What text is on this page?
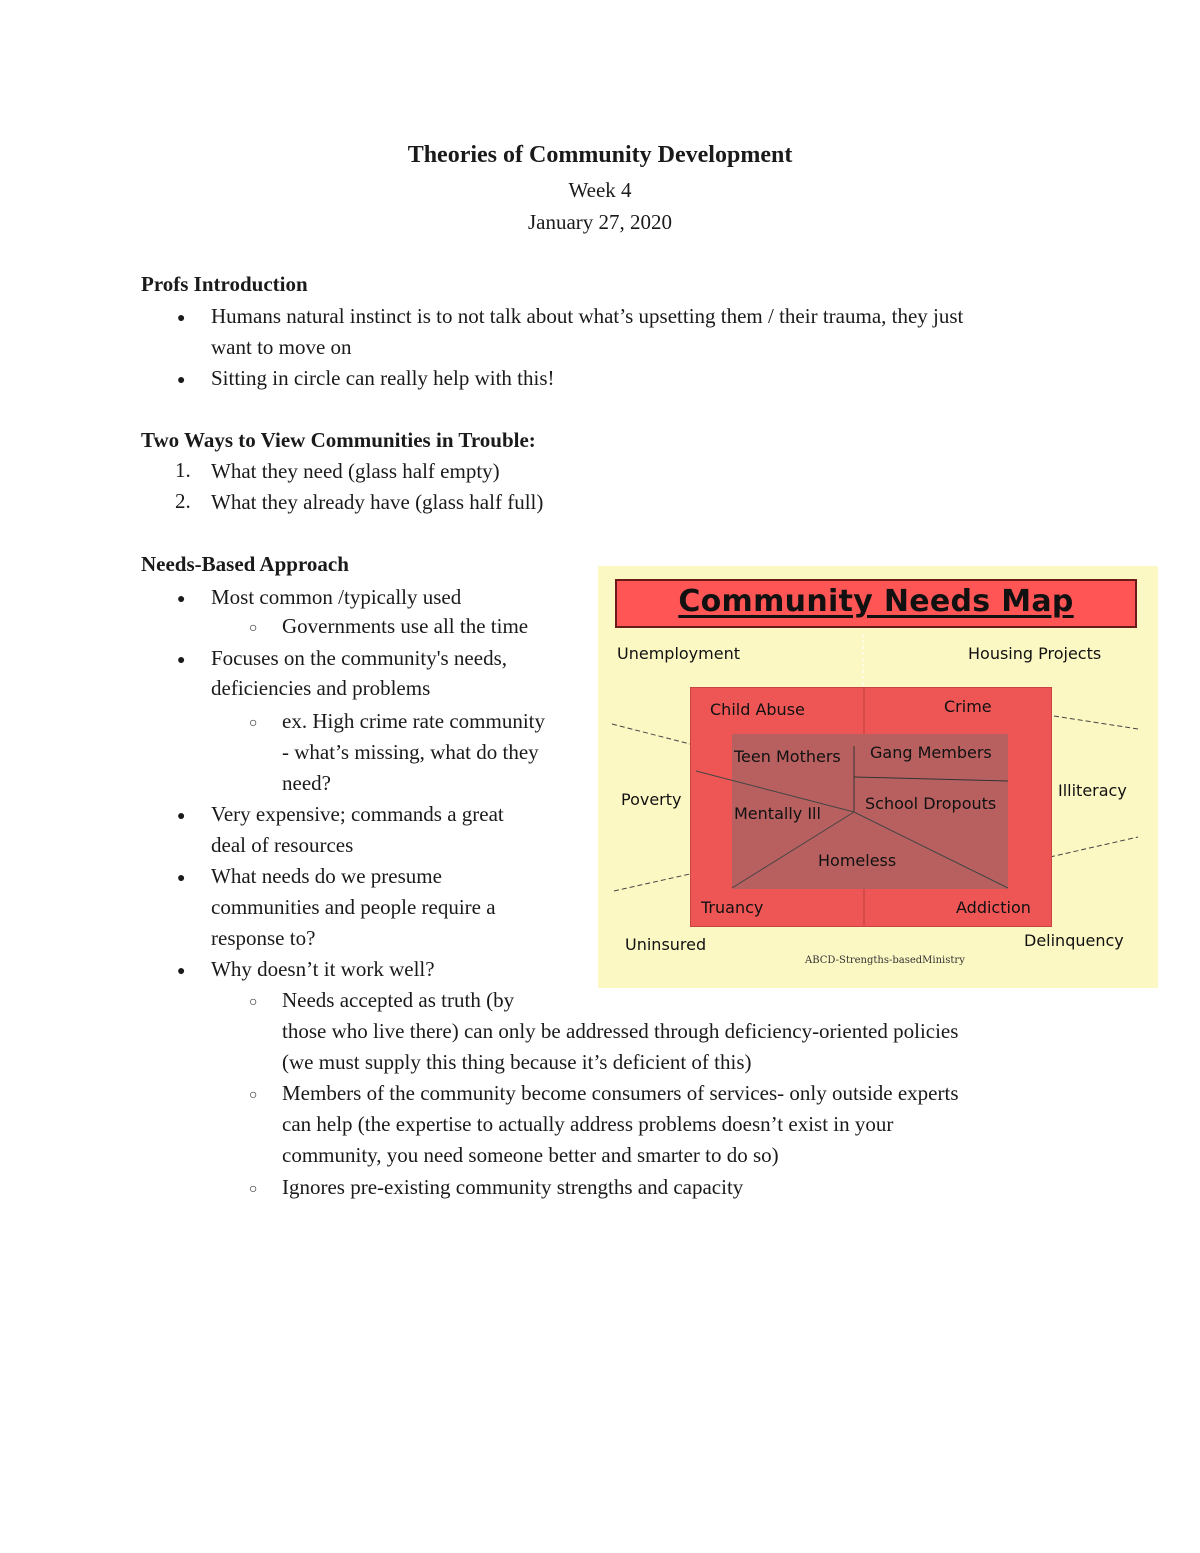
Theories of Community Development
Week 4
January 27, 2020
Profs Introduction
● Humans natural instinct is to not talk about what’s upsetting them / their trauma, they just
want to move on
● Sitting in circle can really help with this!
Two Ways to View Communities in Trouble:
1. What they need (glass half empty)
2. What they already have (glass half full)
Needs-Based Approach
● Most common /typically used
○ Governments use all the time
● Focuses on the community's needs,
deficiencies and problems
○ ex. High crime rate community
- what’s missing, what do they
need?
● Very expensive; commands a great
deal of resources
● What needs do we presume
communities and people require a
response to?
● Why doesn’t it work well?
○ Needs accepted as truth (by
those who live there) can only be addressed through deficiency-oriented policies
(we must supply this thing because it’s deficient of this)
○ Members of the community become consumers of services- only outside experts
can help (the expertise to actually address problems doesn’t exist in your
community, you need someone better and smarter to do so)
○ Ignores pre-existing community strengths and capacity
Community Needs Map
Unemployment	Housing Projects
Poverty	Illiteracy
Uninsured	Delinquency
Child Abuse	Crime
Truancy	Addiction
Teen Mothers Gang Members
Mentally Ill
School Dropouts
Homeless
ABCD-Strengths-basedMinistry
